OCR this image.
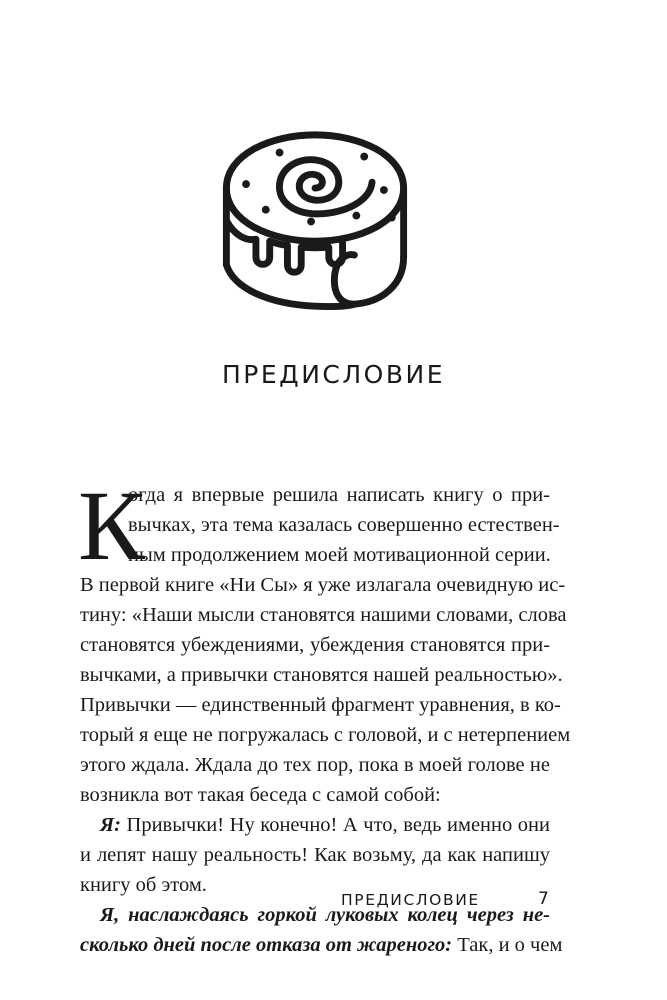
ПРЕДИСЛОВИЕ
К
огда я впервые решила написать книгу о при-
вычках, эта тема казалась совершенно естествен-
ным продолжением моей мотивационной серии.
В первой книге «Ни Сы» я уже излагала очевидную ис-
тину: «Наши мысли становятся нашими словами, слова
становятся убеждениями, убеждения становятся при-
вычками, а привычки становятся нашей реальностью».
Привычки — единственный фрагмент уравнения, в ко-
торый я еще не погружалась с головой, и с нетерпением
этого ждала. Ждала до тех пор, пока в моей голове не
возникла вот такая беседа с самой собой:
Я: Привычки! Ну конечно! А что, ведь именно они
и лепят нашу реальность! Как возьму, да как напишу
книгу об этом.
Я, наслаждаясь горкой луковых колец через не-
сколько дней после отказа от жареного: Так, и о чем
ПРЕДИСЛОВИЕ	7
